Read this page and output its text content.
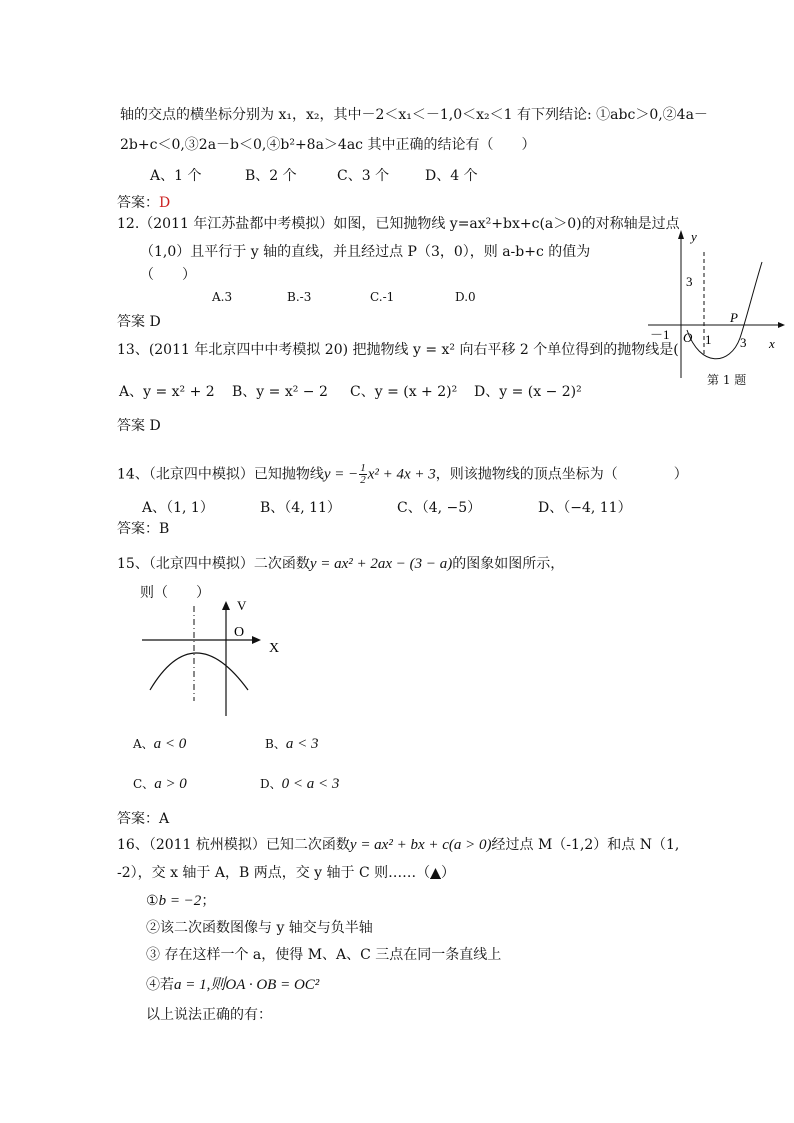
轴的交点的横坐标分别为 x₁，x₂，其中－2＜x₁＜－1,0＜x₂＜1 有下列结论: ①abc＞0,②4a－
2b+c＜0,③2a－b＜0,④b²+8a＞4ac 其中正确的结论有（　　）
A、1 个	B、2 个	C、3 个	D、4 个
答案：D
12.（2011 年江苏盐都中考模拟）如图，已知抛物线 y=ax²+bx+c(a＞0)的对称轴是过点
（1,0）且平行于 y 轴的直线，并且经过点 P（3，0），则 a-b+c 的值为
（　　）
A.3	B.-3	C.-1	D.0
答案 D
y
3
－1 O 1 3
P
x
第 1 题
13、(2011 年北京四中中考模拟 20) 把抛物线 y = x² 向右平移 2 个单位得到的抛物线是(
A、y = x² + 2 B、y = x² − 2 C、y = (x + 2)² D、y = (x − 2)²
答案 D
14、（北京四中模拟）已知抛物线y = − $\frac{1}{2} x^2 + 4x + 3$，则该抛物线的顶点坐标为（　　　　）
A、（1, 1）	B、（4, 11）	C、（4, −5）	D、（−4, 11）
答案：B
15、（北京四中模拟）二次函数y = ax² + 2ax − (3 − a)的图象如图所示，
则（　　）
V
O
X
A、a < 0	B、a < 3
C、a > 0	D、0 < a < 3
答案：A
16、（2011 杭州模拟）已知二次函数y = ax² + bx + c(a > 0)经过点 M（-1,2）和点 N（1,
-2），交 x 轴于 A，B 两点，交 y 轴于 C 则……（▲）
①b = −2；
②该二次函数图像与 y 轴交与负半轴
③ 存在这样一个 a，使得 M、A、C 三点在同一条直线上
④若a = 1,则OA · OB = OC²
以上说法正确的有：
